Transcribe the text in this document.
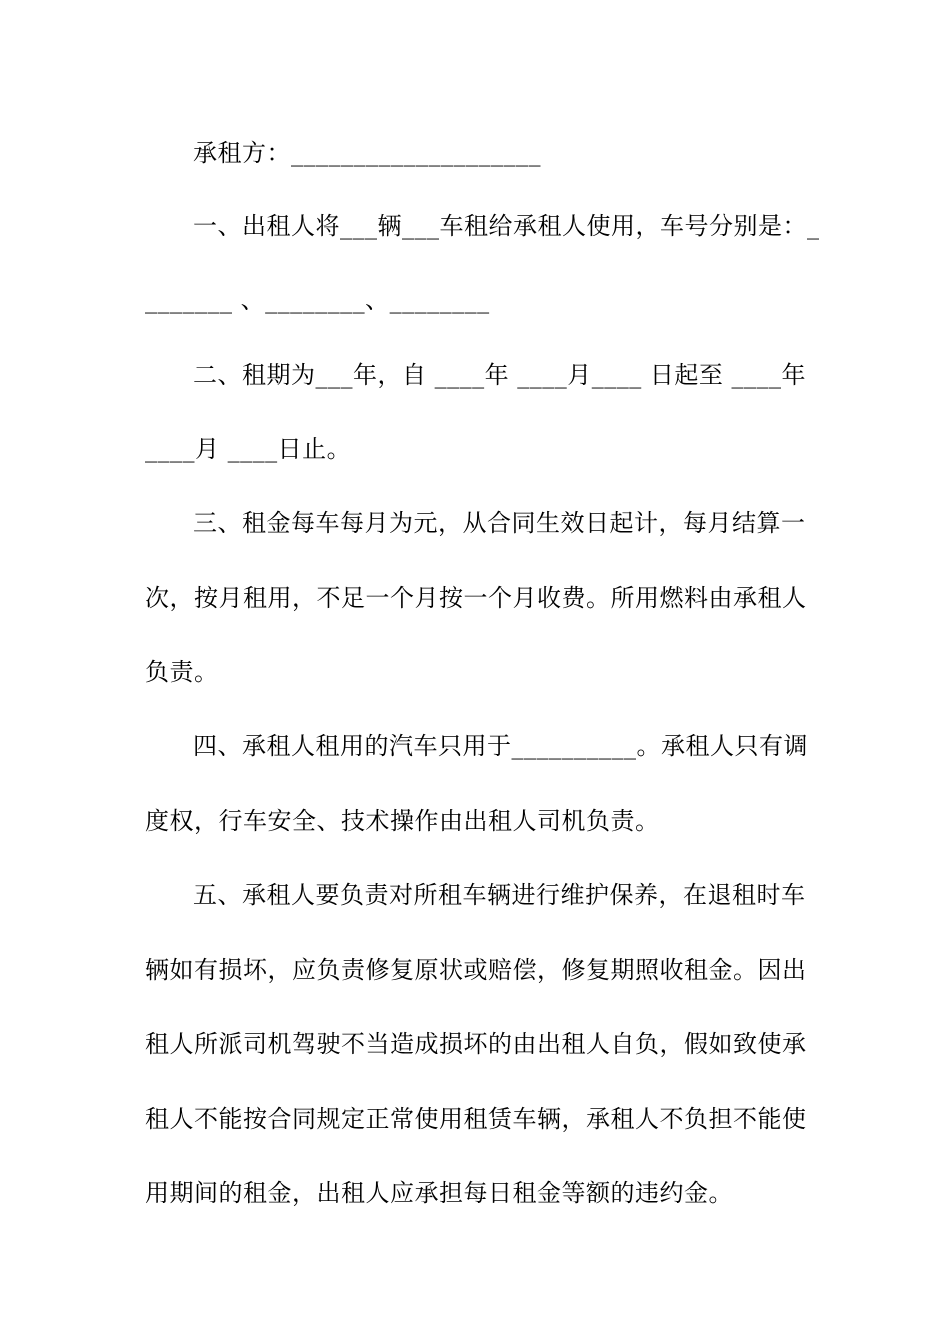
承租方：____________________

一、出租人将___辆___车租给承租人使用，车号分别是：_

_______ 、________、________

二、租期为___年，自 ____年 ____月____ 日起至 ____年

____月 ____日止。

三、租金每车每月为元，从合同生效日起计，每月结算一

次，按月租用，不足一个月按一个月收费。所用燃料由承租人

负责。

四、承租人租用的汽车只用于__________。承租人只有调

度权，行车安全、技术操作由出租人司机负责。

五、承租人要负责对所租车辆进行维护保养，在退租时车

辆如有损坏，应负责修复原状或赔偿，修复期照收租金。因出

租人所派司机驾驶不当造成损坏的由出租人自负，假如致使承

租人不能按合同规定正常使用租赁车辆，承租人不负担不能使

用期间的租金，出租人应承担每日租金等额的违约金。
